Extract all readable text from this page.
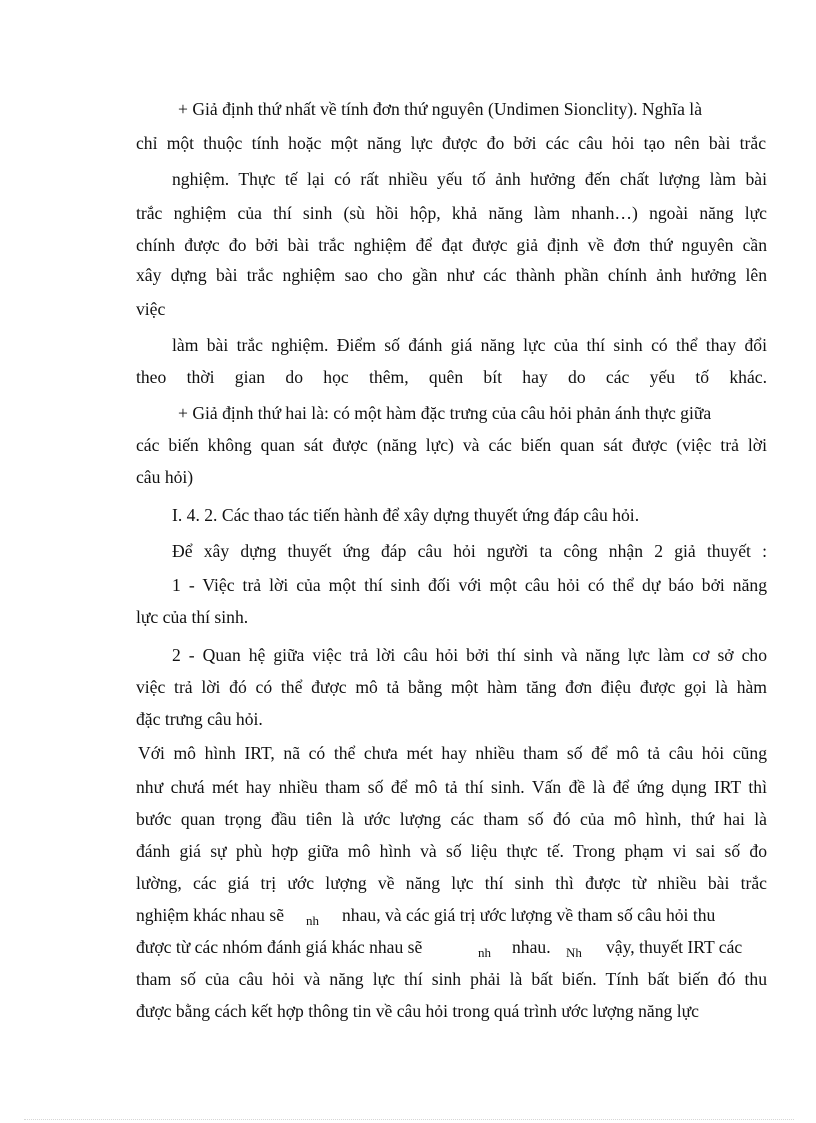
+ Giả định thứ nhất về tính đơn thứ nguyên (Undimen Sionclity). Nghĩa là
chỉ một thuộc tính hoặc một năng lực được đo bởi các câu hỏi tạo nên bài trắc
nghiệm. Thực tế lại có rất nhiều yếu tố ảnh hưởng đến chất lượng làm bài
trắc nghiệm của thí sinh (sù hồi hộp, khả năng làm nhanh…) ngoài năng lực
chính được đo bởi bài trắc nghiệm để đạt được giả định về đơn thứ nguyên cần
xây dựng bài trắc nghiệm sao cho gần như các thành phần chính ảnh hưởng lên
việc
làm bài trắc nghiệm. Điểm số đánh giá năng lực của thí sinh có thể thay đổi
theo thời gian do học thêm, quên bít hay do các yếu tố khác.
+ Giả định thứ hai là: có một hàm đặc trưng của câu hỏi phản ánh thực giữa
các biến không quan sát được (năng lực) và các biến quan sát được (việc trả lời
câu hỏi)
I. 4. 2. Các thao tác tiến hành để xây dựng thuyết ứng đáp câu hỏi.
Để xây dựng thuyết ứng đáp câu hỏi người ta công nhận 2 giả thuyết :
1 - Việc trả lời của một thí sinh đối với một câu hỏi có thể dự báo bởi năng
lực của thí sinh.
2 - Quan hệ giữa việc trả lời câu hỏi bởi thí sinh và năng lực làm cơ sở cho
việc trả lời đó có thể được mô tả bằng một hàm tăng đơn điệu được gọi là hàm
đặc trưng câu hỏi.
Với mô hình IRT, nã có thể chưa mét hay nhiều tham số để mô tả câu hỏi cũng
như chưá mét hay nhiều tham số để mô tả thí sinh. Vấn đề là để ứng dụng IRT thì
bước quan trọng đầu tiên là ước lượng các tham số đó của mô hình, thứ hai là
đánh giá sự phù hợp giữa mô hình và số liệu thực tế. Trong phạm vi sai số đo
lường, các giá trị ước lượng về năng lực thí sinh thì được từ nhiều bài trắc
nghiệm khác nhau sẽ $_{nh}$ nhau, và các giá trị ước lượng về tham số câu hỏi thu
được từ các nhóm đánh giá khác nhau sẽ	$_{nh}$ nhau. $_{Nh}$ vậy, thuyết IRT các
tham số của câu hỏi và năng lực thí sinh phải là bất biến. Tính bất biến đó thu
được bằng cách kết hợp thông tin về câu hỏi trong quá trình ước lượng năng lực
